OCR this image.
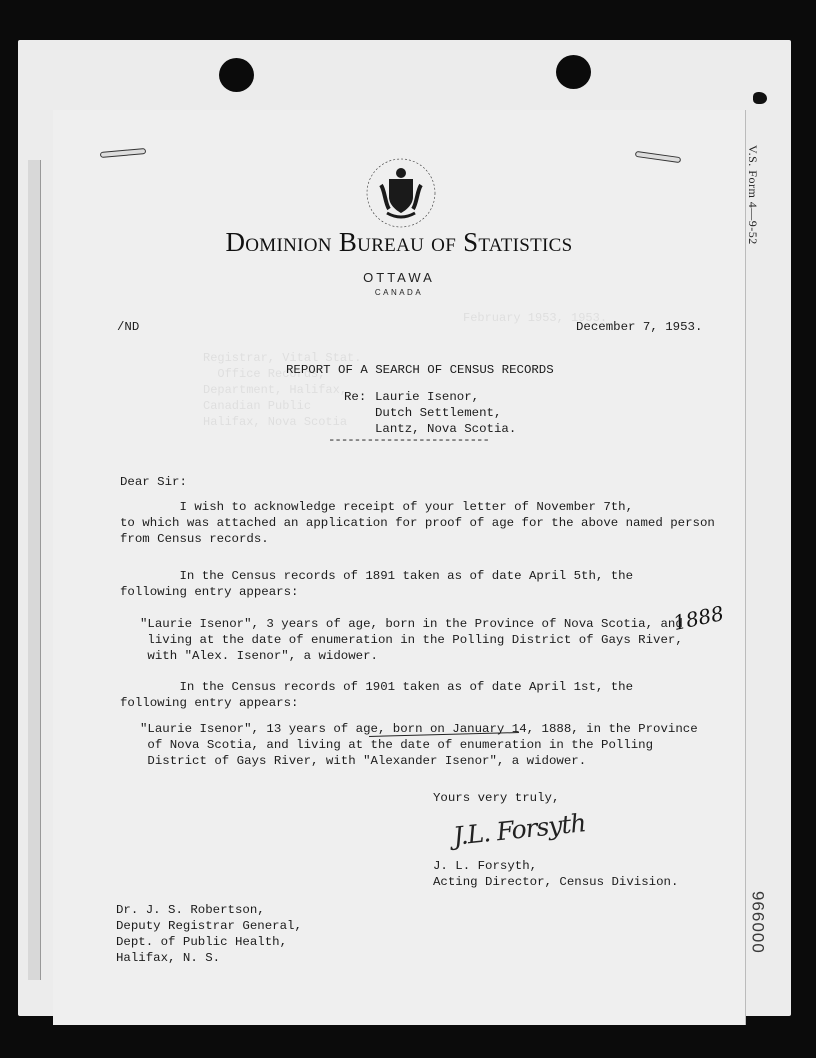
V.S. Form 4—9-52
000996
February 1953, 1953.
Registrar, Vital Stat.
Office Records,
Department, Halifax,
Canadian Public
Halifax, Nova Scotia
Dominion Bureau of Statistics
OTTAWA
CANADA
/ND	December 7, 1953.
REPORT OF A SEARCH OF CENSUS RECORDS
Re: Laurie Isenor,
Dutch Settlement,
Lantz, Nova Scotia.
-------------------------
Dear Sir:
I wish to acknowledge receipt of your letter of November 7th,
to which was attached an application for proof of age for the above named person
from Census records.
In the Census records of 1891 taken as of date April 5th, the
following entry appears:
"Laurie Isenor", 3 years of age, born in the Province of Nova Scotia, and
living at the date of enumeration in the Polling District of Gays River,
with "Alex. Isenor", a widower.
In the Census records of 1901 taken as of date April 1st, the
following entry appears:
"Laurie Isenor", 13 years of age, born on January 14, 1888, in the Province
of Nova Scotia, and living at the date of enumeration in the Polling
District of Gays River, with "Alexander Isenor", a widower.
1888
Yours very truly,
J.L. Forsyth
J. L. Forsyth,
Acting Director, Census Division.
Dr. J. S. Robertson,
Deputy Registrar General,
Dept. of Public Health,
Halifax, N. S.
